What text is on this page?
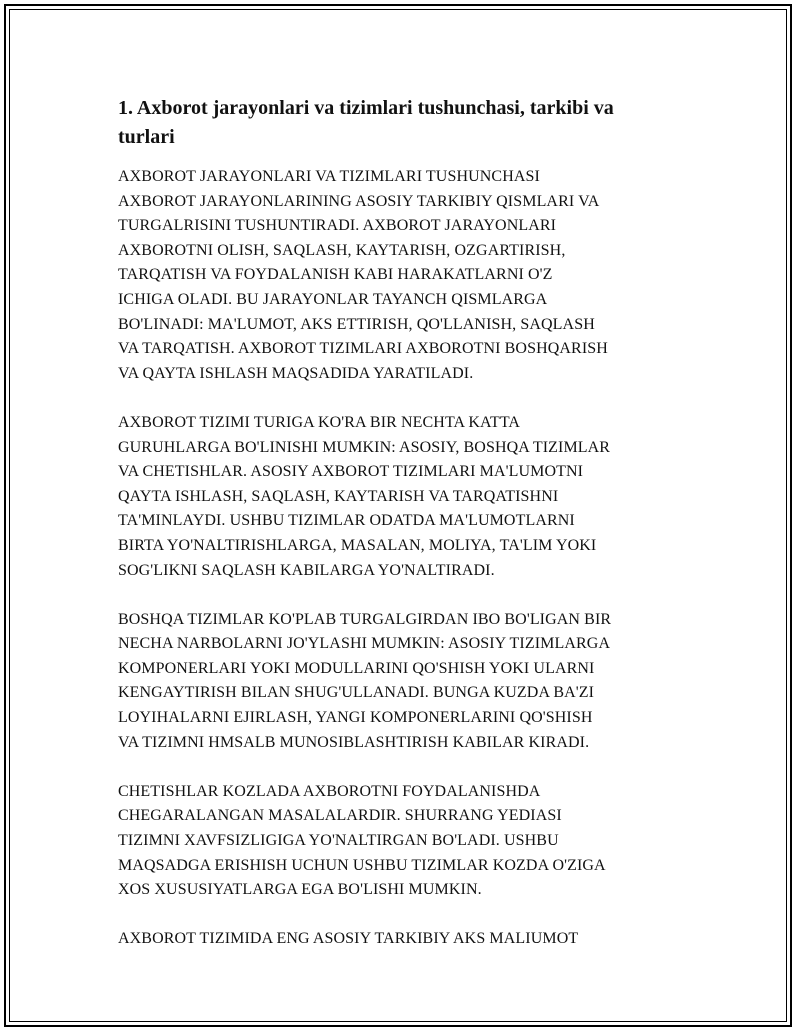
1. Axborot jarayonlari va tizimlari tushunchasi, tarkibi va
turlari
AXBOROT JARAYONLARI VA TIZIMLARI TUSHUNCHASI
AXBOROT JARAYONLARINING ASOSIY TARKIBIY QISMLARI VA
TURGALRISINI TUSHUNTIRADI. AXBOROT JARAYONLARI
AXBOROTNI OLISH, SAQLASH, KAYTARISH, OZGARTIRISH,
TARQATISH VA FOYDALANISH KABI HARAKATLARNI O'Z
ICHIGA OLADI. BU JARAYONLAR TAYANCH QISMLARGA
BO'LINADI: MA'LUMOT, AKS ETTIRISH, QO'LLANISH, SAQLASH
VA TARQATISH. AXBOROT TIZIMLARI AXBOROTNI BOSHQARISH
VA QAYTA ISHLASH MAQSADIDA YARATILADI.
AXBOROT TIZIMI TURIGA KO'RA BIR NECHTA KATTA
GURUHLARGA BO'LINISHI MUMKIN: ASOSIY, BOSHQA TIZIMLAR
VA CHETISHLAR. ASOSIY AXBOROT TIZIMLARI MA'LUMOTNI
QAYTA ISHLASH, SAQLASH, KAYTARISH VA TARQATISHNI
TA'MINLAYDI. USHBU TIZIMLAR ODATDA MA'LUMOTLARNI
BIRTA YO'NALTIRISHLARGA, MASALAN, MOLIYA, TA'LIM YOKI
SOG'LIKNI SAQLASH KABILARGA YO'NALTIRADI.
BOSHQA TIZIMLAR KO'PLAB TURGALGIRDAN IBO BO'LIGAN BIR
NECHA NARBOLARNI JO'YLASHI MUMKIN: ASOSIY TIZIMLARGA
KOMPONERLARI YOKI MODULLARINI QO'SHISH YOKI ULARNI
KENGAYTIRISH BILAN SHUG'ULLANADI. BUNGA KUZDA BA'ZI
LOYIHALARNI EJIRLASH, YANGI KOMPONERLARINI QO'SHISH
VA TIZIMNI HMSALB MUNOSIBLASHTIRISH KABILAR KIRADI.
CHETISHLAR KOZLADA AXBOROTNI FOYDALANISHDA
CHEGARALANGAN MASALALARDIR. SHURRANG YEDIASI
TIZIMNI XAVFSIZLIGIGA YO'NALTIRGAN BO'LADI. USHBU
MAQSADGA ERISHISH UCHUN USHBU TIZIMLAR KOZDA O'ZIGA
XOS XUSUSIYATLARGA EGA BO'LISHI MUMKIN.
AXBOROT TIZIMIDA ENG ASOSIY TARKIBIY AKS MALIUMOT
